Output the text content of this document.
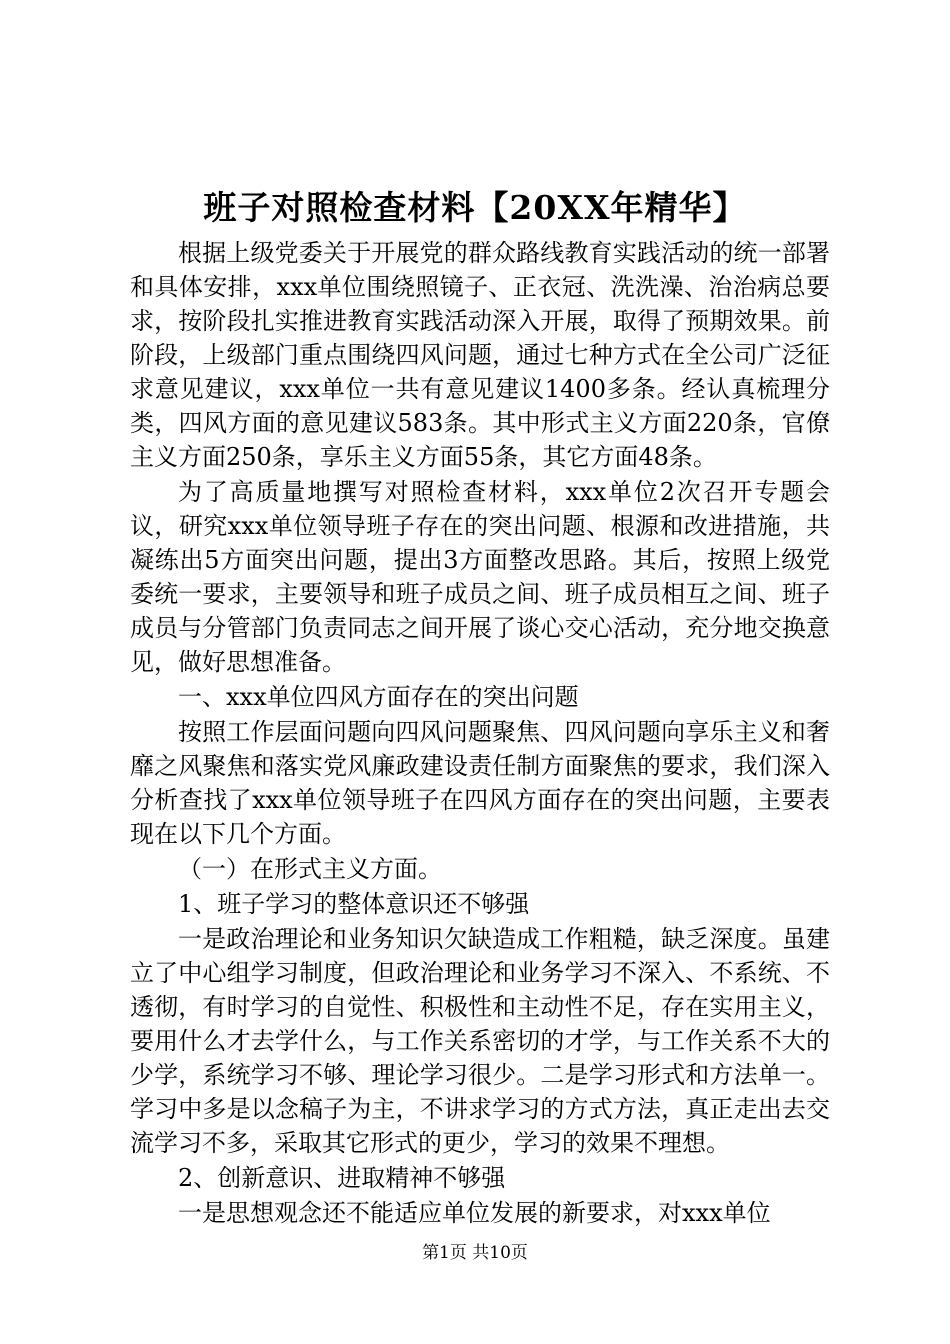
班子对照检查材料【20XX年精华】

根据上级党委关于开展党的群众路线教育实践活动的统一部署和具体安排，xxx单位围绕照镜子、正衣冠、洗洗澡、治治病总要求，按阶段扎实推进教育实践活动深入开展，取得了预期效果。前阶段，上级部门重点围绕四风问题，通过七种方式在全公司广泛征求意见建议，xxx单位一共有意见建议1400多条。经认真梳理分类，四风方面的意见建议583条。其中形式主义方面220条，官僚主义方面250条，享乐主义方面55条，其它方面48条。

为了高质量地撰写对照检查材料，xxx单位2次召开专题会议，研究xxx单位领导班子存在的突出问题、根源和改进措施，共凝练出5方面突出问题，提出3方面整改思路。其后，按照上级党委统一要求，主要领导和班子成员之间、班子成员相互之间、班子成员与分管部门负责同志之间开展了谈心交心活动，充分地交换意见，做好思想准备。

一、xxx单位四风方面存在的突出问题

按照工作层面问题向四风问题聚焦、四风问题向享乐主义和奢靡之风聚焦和落实党风廉政建设责任制方面聚焦的要求，我们深入分析查找了xxx单位领导班子在四风方面存在的突出问题，主要表现在以下几个方面。

（一）在形式主义方面。

1、班子学习的整体意识还不够强

一是政治理论和业务知识欠缺造成工作粗糙，缺乏深度。虽建立了中心组学习制度，但政治理论和业务学习不深入、不系统、不透彻，有时学习的自觉性、积极性和主动性不足，存在实用主义，要用什么才去学什么，与工作关系密切的才学，与工作关系不大的少学，系统学习不够、理论学习很少。二是学习形式和方法单一。学习中多是以念稿子为主，不讲求学习的方式方法，真正走出去交流学习不多，采取其它形式的更少，学习的效果不理想。

2、创新意识、进取精神不够强

一是思想观念还不能适应单位发展的新要求，对xxx单位

第1页 共10页
